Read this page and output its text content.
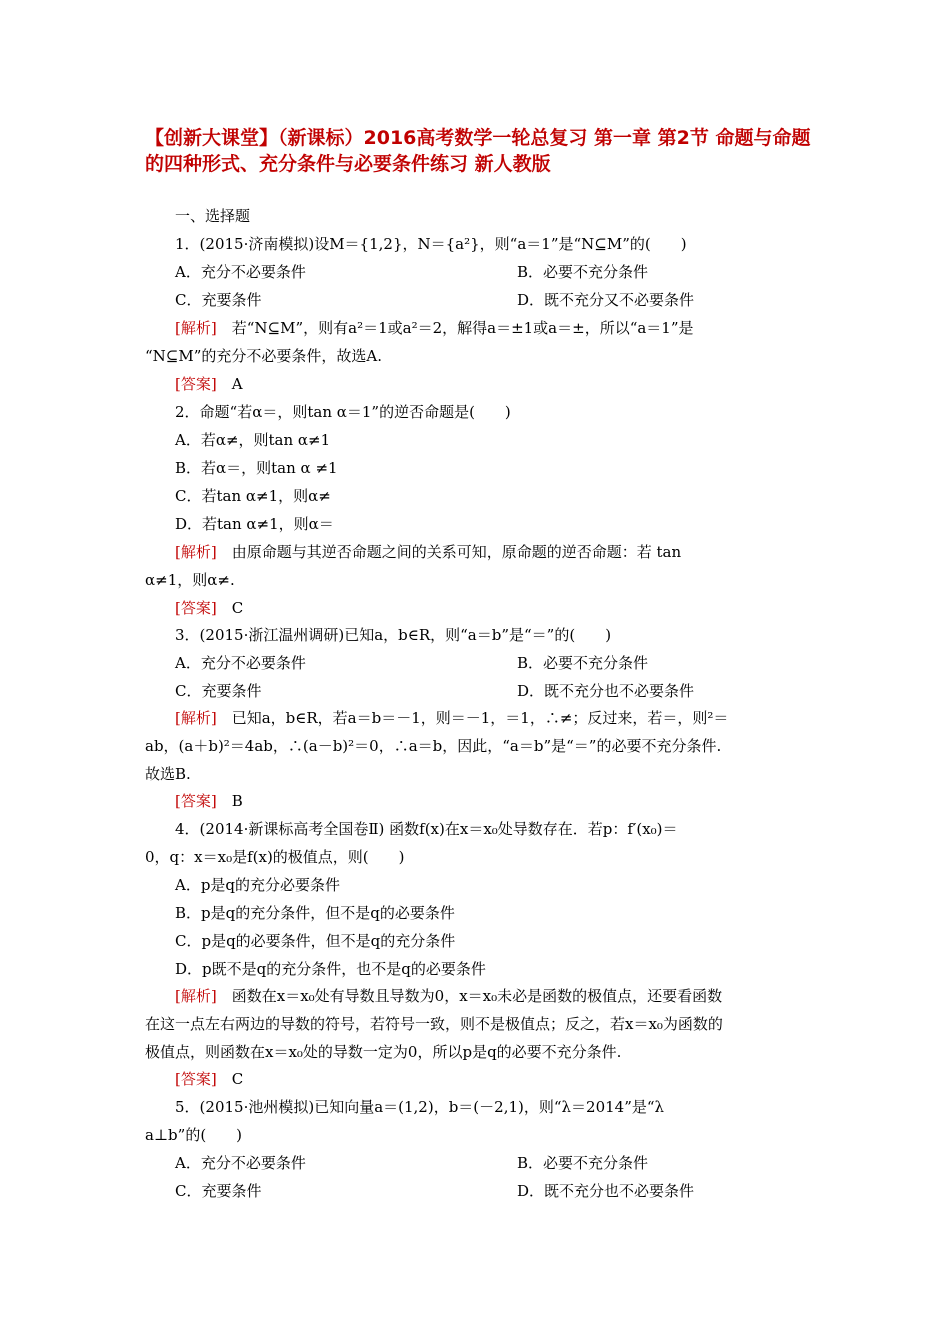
【创新大课堂】（新课标）2016高考数学一轮总复习 第一章 第2节 命题与命题的四种形式、充分条件与必要条件练习 新人教版
一、选择题
1．(2015·济南模拟)设M＝{1,2}，N＝{a²}，则“a＝1”是“N⊆M”的(　　)
A．充分不必要条件	B．必要不充分条件
C．充要条件	D．既不充分又不必要条件
[解析]　 若“N⊆M”，则有a²＝1或a²＝2，解得a＝±1或a＝±，所以“a＝1”是
“N⊆M”的充分不必要条件，故选A.
[答案]　 A
2．命题“若α＝，则tan α＝1”的逆否命题是(　　)
A．若α≠，则tan α≠1
B．若α＝，则tan α ≠1
C．若tan α≠1，则α≠
D．若tan α≠1，则α＝
[解析]　 由原命题与其逆否命题之间的关系可知，原命题的逆否命题：若 tan
α≠1，则α≠.
[答案]　 C
3．(2015·浙江温州调研)已知a，b∈R，则“a＝b”是“＝”的(　　)
A．充分不必要条件	B．必要不充分条件
C．充要条件	D．既不充分也不必要条件
[解析]　 已知a，b∈R，若a＝b＝－1，则＝－1，＝1，∴≠；反过来，若＝，则²＝
ab，(a＋b)²＝4ab，∴(a－b)²＝0，∴a＝b，因此，“a＝b”是“＝”的必要不充分条件.
故选B.
[答案]　 B
4．(2014·新课标高考全国卷Ⅱ) 函数f(x)在x＝x₀处导数存在．若p：f′(x₀)＝
0，q：x＝x₀是f(x)的极值点，则(　　)
A．p是q的充分必要条件
B．p是q的充分条件，但不是q的必要条件
C．p是q的必要条件，但不是q的充分条件
D．p既不是q的充分条件，也不是q的必要条件
[解析]　 函数在x＝x₀处有导数且导数为0，x＝x₀未必是函数的极值点，还要看函数
在这一点左右两边的导数的符号，若符号一致，则不是极值点；反之，若x＝x₀为函数的
极值点，则函数在x＝x₀处的导数一定为0，所以p是q的必要不充分条件.
[答案]　 C
5．(2015·池州模拟)已知向量a＝(1,2)，b＝(－2,1)，则“λ＝2014”是“λ
a⊥b”的(　　)
A．充分不必要条件	B．必要不充分条件
C．充要条件	D．既不充分也不必要条件
